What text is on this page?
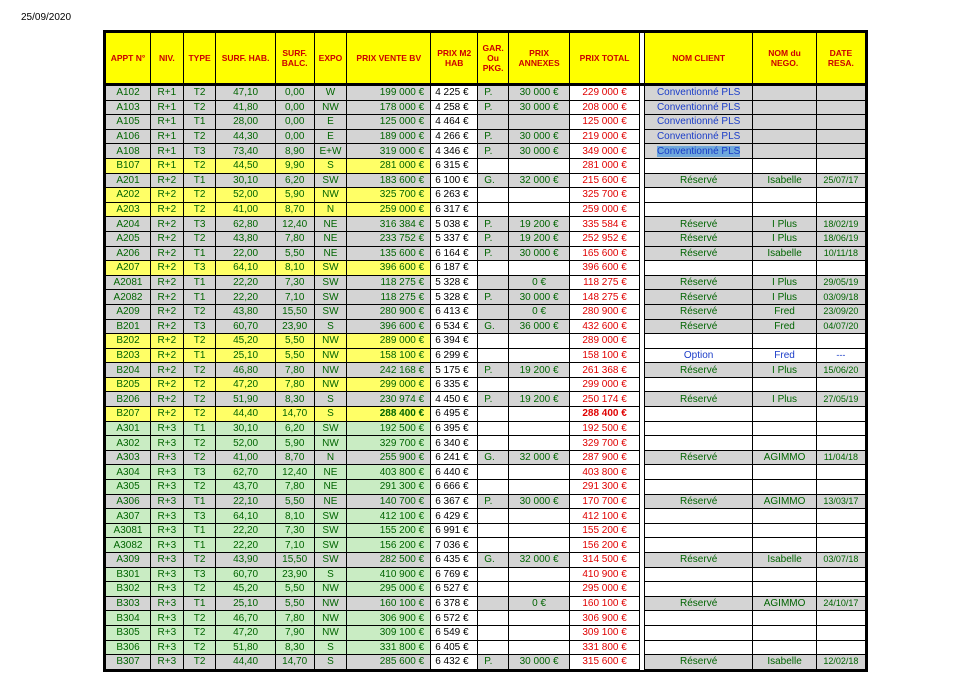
25/09/2020
APPT N°	NIV.	TYPE	SURF. HAB.	SURF. BALC.	EXPO	PRIX VENTE BV	PRIX M2 HAB	GAR. Ou PKG.	PRIX ANNEXES	PRIX TOTAL		NOM CLIENT	NOM du NEGO.	DATE RESA.
A102	R+1	T2	47,10	0,00	W	199 000 €	4 225 €	P.	30 000 €	229 000 €		Conventionné PLS		
A103	R+1	T2	41,80	0,00	NW	178 000 €	4 258 €	P.	30 000 €	208 000 €		Conventionné PLS		
A105	R+1	T1	28,00	0,00	E	125 000 €	4 464 €			125 000 €		Conventionné PLS		
A106	R+1	T2	44,30	0,00	E	189 000 €	4 266 €	P.	30 000 €	219 000 €		Conventionné PLS		
A108	R+1	T3	73,40	8,90	E+W	319 000 €	4 346 €	P.	30 000 €	349 000 €		Conventionné PLS		
B107	R+1	T2	44,50	9,90	S	281 000 €	6 315 €			281 000 €				
A201	R+2	T1	30,10	6,20	SW	183 600 €	6 100 €	G.	32 000 €	215 600 €		Réservé	Isabelle	25/07/17
A202	R+2	T2	52,00	5,90	NW	325 700 €	6 263 €			325 700 €				
A203	R+2	T2	41,00	8,70	N	259 000 €	6 317 €			259 000 €				
A204	R+2	T3	62,80	12,40	NE	316 384 €	5 038 €	P.	19 200 €	335 584 €		Réservé	I Plus	18/02/19
A205	R+2	T2	43,80	7,80	NE	233 752 €	5 337 €	P.	19 200 €	252 952 €		Réservé	I Plus	18/06/19
A206	R+2	T1	22,00	5,50	NE	135 600 €	6 164 €	P.	30 000 €	165 600 €		Réservé	Isabelle	10/11/18
A207	R+2	T3	64,10	8,10	SW	396 600 €	6 187 €			396 600 €				
A2081	R+2	T1	22,20	7,30	SW	118 275 €	5 328 €		0 €	118 275 €		Réservé	I Plus	29/05/19
A2082	R+2	T1	22,20	7,10	SW	118 275 €	5 328 €	P.	30 000 €	148 275 €		Réservé	I Plus	03/09/18
A209	R+2	T2	43,80	15,50	SW	280 900 €	6 413 €		0 €	280 900 €		Réservé	Fred	23/09/20
B201	R+2	T3	60,70	23,90	S	396 600 €	6 534 €	G.	36 000 €	432 600 €		Réservé	Fred	04/07/20
B202	R+2	T2	45,20	5,50	NW	289 000 €	6 394 €			289 000 €				
B203	R+2	T1	25,10	5,50	NW	158 100 €	6 299 €			158 100 €		Option	Fred	---
B204	R+2	T2	46,80	7,80	NW	242 168 €	5 175 €	P.	19 200 €	261 368 €		Réservé	I Plus	15/06/20
B205	R+2	T2	47,20	7,80	NW	299 000 €	6 335 €			299 000 €				
B206	R+2	T2	51,90	8,30	S	230 974 €	4 450 €	P.	19 200 €	250 174 €		Réservé	I Plus	27/05/19
B207	R+2	T2	44,40	14,70	S	288 400 €	6 495 €			288 400 €				
A301	R+3	T1	30,10	6,20	SW	192 500 €	6 395 €			192 500 €				
A302	R+3	T2	52,00	5,90	NW	329 700 €	6 340 €			329 700 €				
A303	R+3	T2	41,00	8,70	N	255 900 €	6 241 €	G.	32 000 €	287 900 €		Réservé	AGIMMO	11/04/18
A304	R+3	T3	62,70	12,40	NE	403 800 €	6 440 €			403 800 €				
A305	R+3	T2	43,70	7,80	NE	291 300 €	6 666 €			291 300 €				
A306	R+3	T1	22,10	5,50	NE	140 700 €	6 367 €	P.	30 000 €	170 700 €		Réservé	AGIMMO	13/03/17
A307	R+3	T3	64,10	8,10	SW	412 100 €	6 429 €			412 100 €				
A3081	R+3	T1	22,20	7,30	SW	155 200 €	6 991 €			155 200 €				
A3082	R+3	T1	22,20	7,10	SW	156 200 €	7 036 €			156 200 €				
A309	R+3	T2	43,90	15,50	SW	282 500 €	6 435 €	G.	32 000 €	314 500 €		Réservé	Isabelle	03/07/18
B301	R+3	T3	60,70	23,90	S	410 900 €	6 769 €			410 900 €				
B302	R+3	T2	45,20	5,50	NW	295 000 €	6 527 €			295 000 €				
B303	R+3	T1	25,10	5,50	NW	160 100 €	6 378 €		0 €	160 100 €		Réservé	AGIMMO	24/10/17
B304	R+3	T2	46,70	7,80	NW	306 900 €	6 572 €			306 900 €				
B305	R+3	T2	47,20	7,90	NW	309 100 €	6 549 €			309 100 €				
B306	R+3	T2	51,80	8,30	S	331 800 €	6 405 €			331 800 €				
B307	R+3	T2	44,40	14,70	S	285 600 €	6 432 €	P.	30 000 €	315 600 €		Réservé	Isabelle	12/02/18
